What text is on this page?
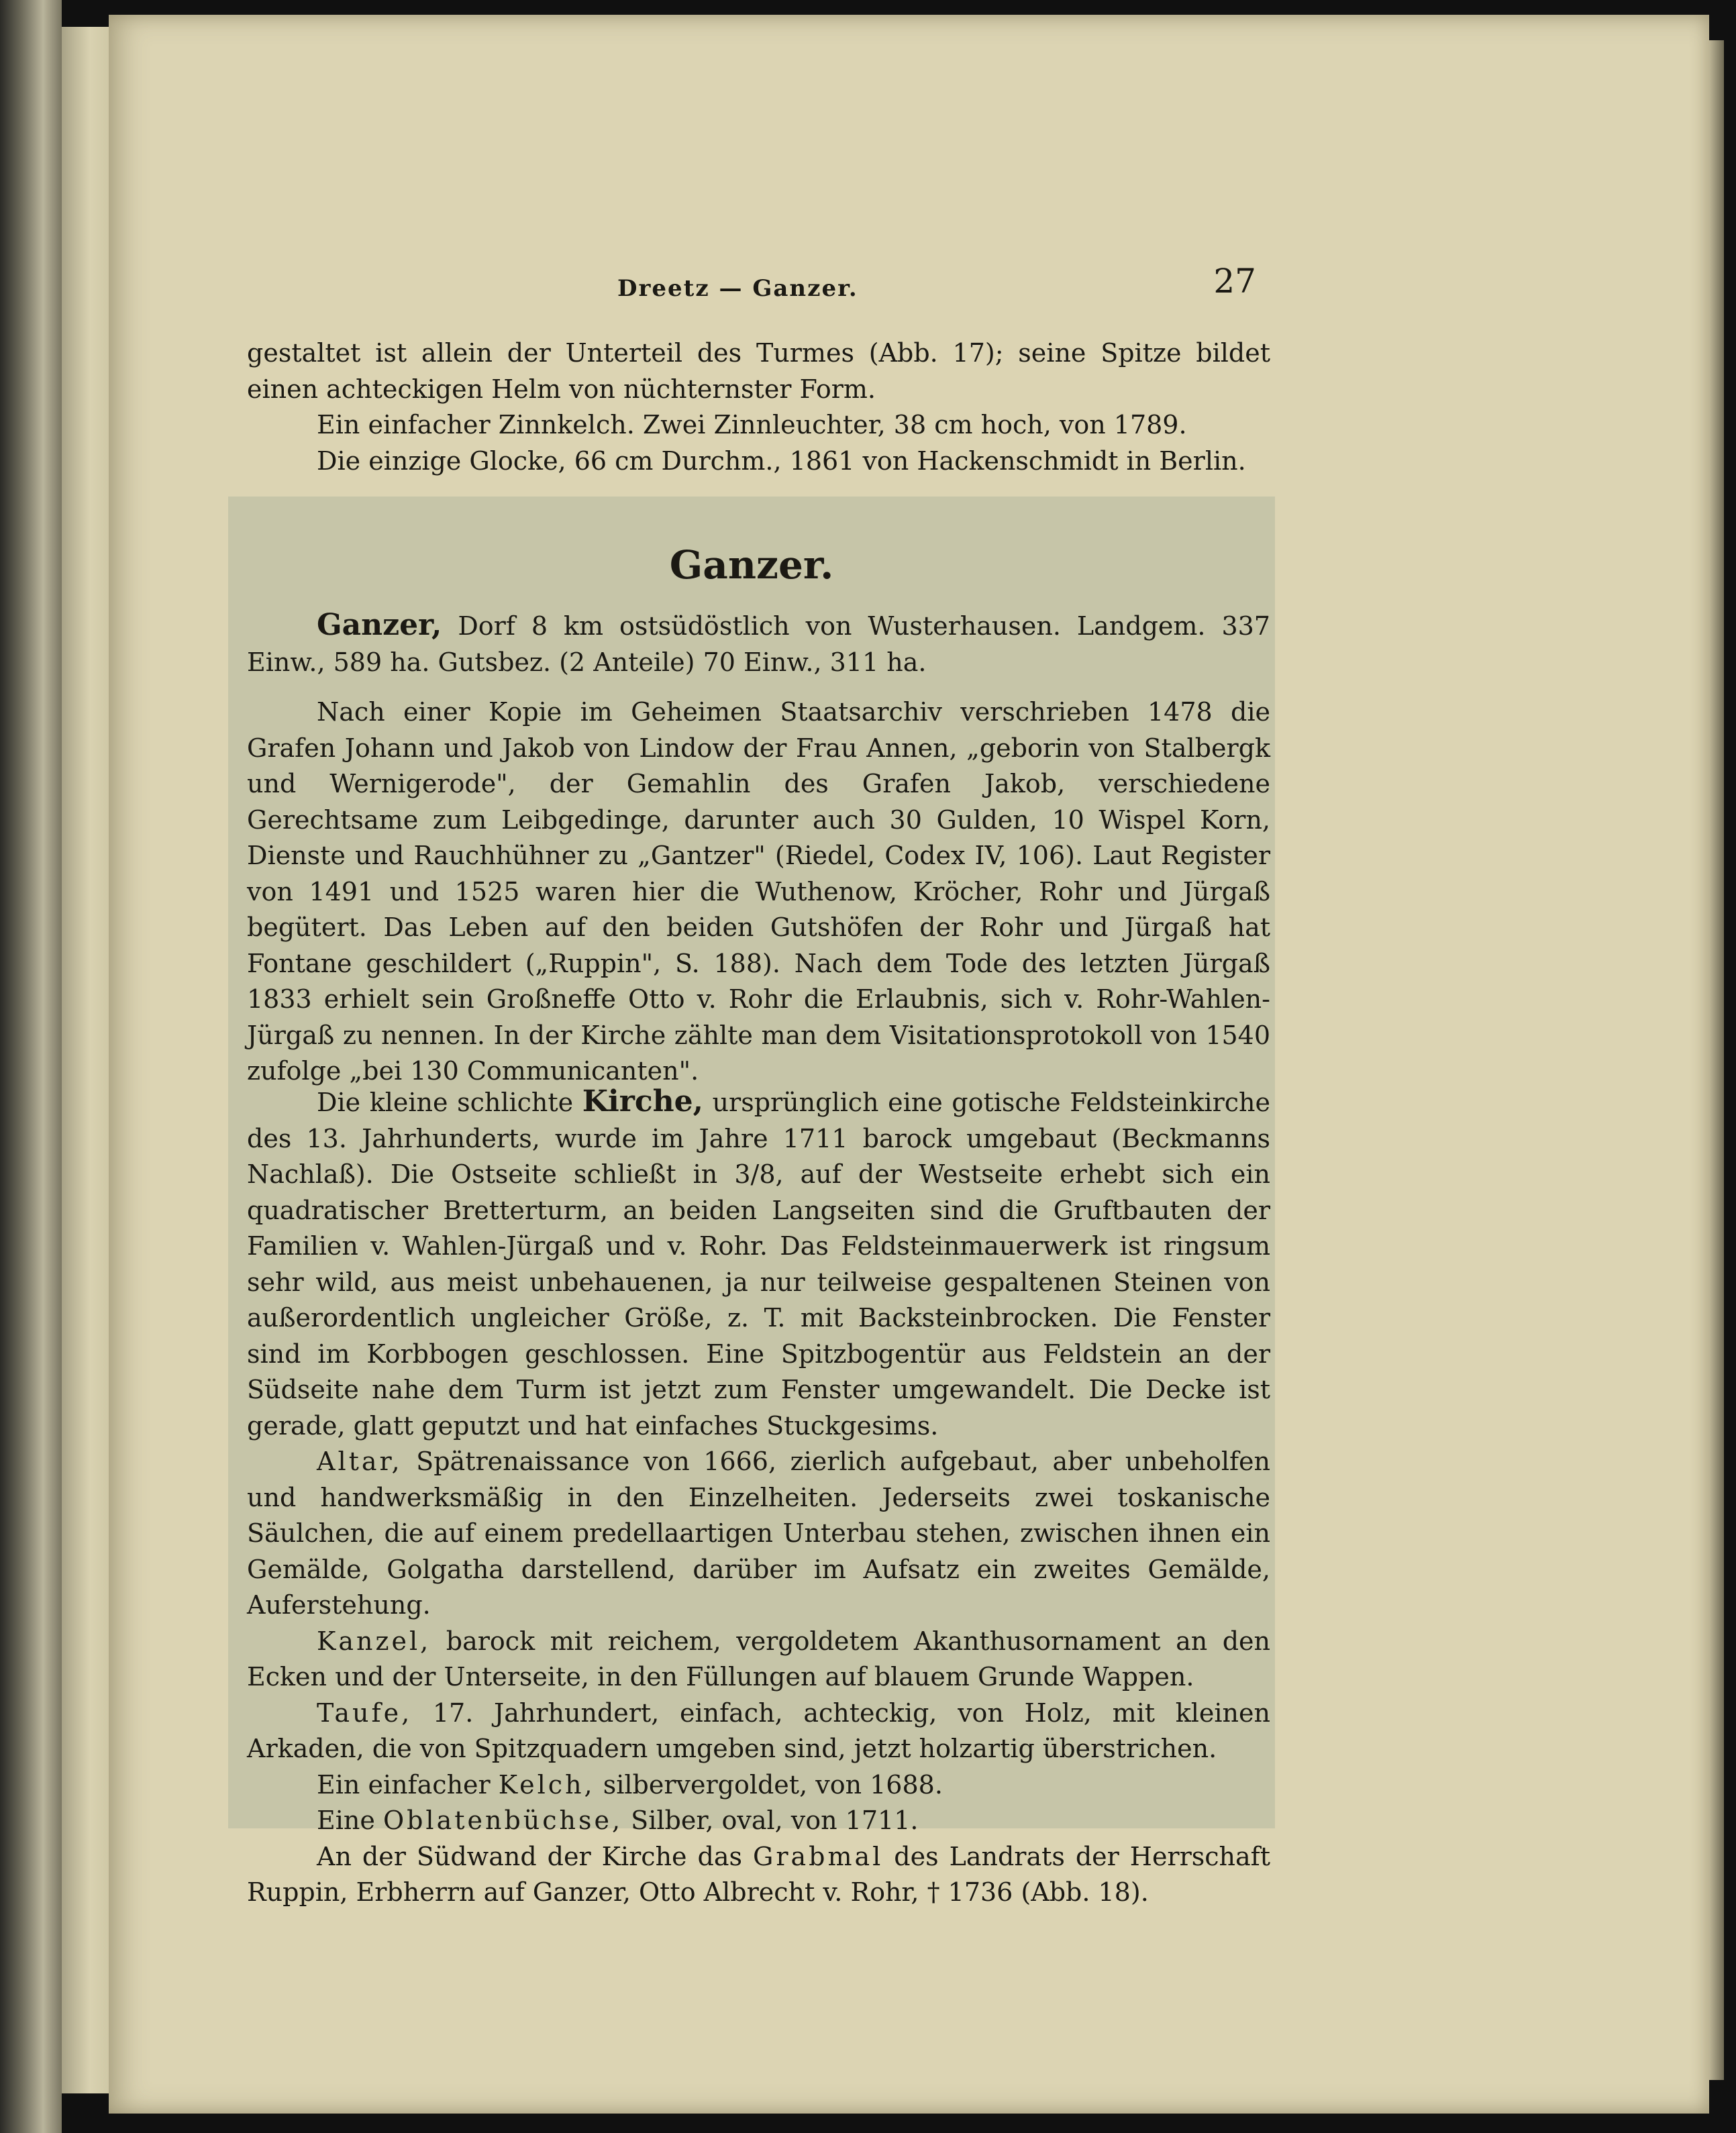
Dreetz — Ganzer.	27

gestaltet ist allein der Unterteil des Turmes (Abb. 17); seine Spitze bildet einen achteckigen Helm von nüchternster Form.

Ein einfacher Zinnkelch. Zwei Zinnleuchter, 38 cm hoch, von 1789.

Die einzige Glocke, 66 cm Durchm., 1861 von Hackenschmidt in Berlin.

Ganzer.

Ganzer, Dorf 8 km ostsüdöstlich von Wusterhausen. Landgem. 337 Einw., 589 ha. Gutsbez. (2 Anteile) 70 Einw., 311 ha.

Nach einer Kopie im Geheimen Staatsarchiv verschrieben 1478 die Grafen Johann und Jakob von Lindow der Frau Annen, „geborin von Stalbergk und Wernigerode", der Gemahlin des Grafen Jakob, verschiedene Gerechtsame zum Leibgedinge, darunter auch 30 Gulden, 10 Wispel Korn, Dienste und Rauchhühner zu „Gantzer" (Riedel, Codex IV, 106). Laut Register von 1491 und 1525 waren hier die Wuthenow, Kröcher, Rohr und Jürgaß begütert. Das Leben auf den beiden Gutshöfen der Rohr und Jürgaß hat Fontane geschildert („Ruppin", S. 188). Nach dem Tode des letzten Jürgaß 1833 erhielt sein Großneffe Otto v. Rohr die Erlaubnis, sich v. Rohr-Wahlen-Jürgaß zu nennen. In der Kirche zählte man dem Visitationsprotokoll von 1540 zufolge „bei 130 Communicanten".

Die kleine schlichte Kirche, ursprünglich eine gotische Feldsteinkirche des 13. Jahrhunderts, wurde im Jahre 1711 barock umgebaut (Beckmanns Nachlaß). Die Ostseite schließt in 3/8, auf der Westseite erhebt sich ein quadratischer Bretterturm, an beiden Langseiten sind die Gruftbauten der Familien v. Wahlen-Jürgaß und v. Rohr. Das Feldsteinmauerwerk ist ringsum sehr wild, aus meist unbehauenen, ja nur teilweise gespaltenen Steinen von außerordentlich ungleicher Größe, z. T. mit Backsteinbrocken. Die Fenster sind im Korbbogen geschlossen. Eine Spitzbogentür aus Feldstein an der Südseite nahe dem Turm ist jetzt zum Fenster umgewandelt. Die Decke ist gerade, glatt geputzt und hat einfaches Stuckgesims.

Altar, Spätrenaissance von 1666, zierlich aufgebaut, aber unbeholfen und handwerksmäßig in den Einzelheiten. Jederseits zwei toskanische Säulchen, die auf einem predellaartigen Unterbau stehen, zwischen ihnen ein Gemälde, Golgatha darstellend, darüber im Aufsatz ein zweites Gemälde, Auferstehung.

Kanzel, barock mit reichem, vergoldetem Akanthusornament an den Ecken und der Unterseite, in den Füllungen auf blauem Grunde Wappen.

Taufe, 17. Jahrhundert, einfach, achteckig, von Holz, mit kleinen Arkaden, die von Spitzquadern umgeben sind, jetzt holzartig überstrichen.

Ein einfacher Kelch, silbervergoldet, von 1688.

Eine Oblatenbüchse, Silber, oval, von 1711.

An der Südwand der Kirche das Grabmal des Landrats der Herrschaft Ruppin, Erbherrn auf Ganzer, Otto Albrecht v. Rohr, † 1736 (Abb. 18).
